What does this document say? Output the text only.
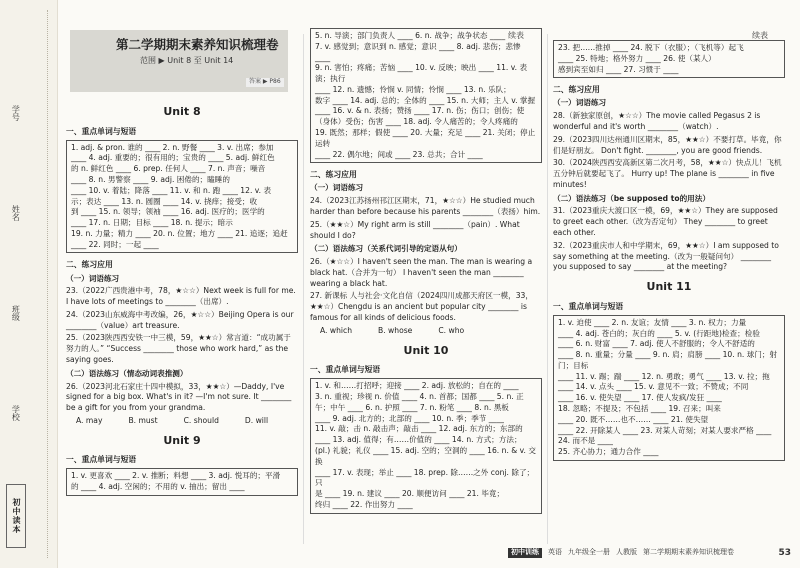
学号
姓名
班级
学校
初中读本
第二学期期末素养知识梳理卷
范围 ▶ Unit 8 至 Unit 14
答案 ▶ P86
续表	续表
Unit 8
一、重点单词与短语

1. adj. & pron. 谁的 ____ 2. n. 野餐 ____ 3. v. 出席；参加

____ 4. adj. 重要的；很有用的；宝贵的 ____ 5. adj. 鲜红色

的 n. 鲜红色 ____ 6. prep. 任何人 ____ 7. n. 声音；噪音

____ 8. n. 男警察 ____ 9. adj. 困倦的；瞌睡的

____ 10. v. 着陆；降落 ____ 11. v. 和 n. 跑 ____ 12. v. 表

示；表达 ____ 13. n. 圆圈 ____ 14. v. 挠痒；接受；收

到 ____ 15. n. 领导；领袖 ____ 16. adj. 医疗的；医学的

____ 17. n. 日期；目标 ____ 18. n. 提示；暗示

19. n. 力量；精力 ____ 20. n. 位置；地方 ____ 21. 追逐；追赶

____ 22. 同时；一起 ____

二、练习应用
（一）词语练习

23.（2022广西贵港中考，78，★☆☆）Next week is full for me. I have lots of meetings to ________（出席）.

24.（2023山东威海中考改编，26，★☆☆）Beijing Opera is our ________（value）art treasure.

25.（2023陕西西安铁一中三模，59，★★☆）常言道：“成功属于努力的人。” “Success ________ those who work hard,” as the saying goes.

（二）语法练习（情态动词表推测）

26.（2023河北石家庄十四中模拟，33，★★☆）—Daddy, I've signed for a big box. What's in it? —I'm not sure. It ________ be a gift for you from your grandma.

A. may	B. must	C. should	D. will
Unit 9
一、重点单词与短语

1. v. 更喜欢 ____ 2. v. 推断；料想 ____ 3. adj. 悦耳的；平滑

的 ____ 4. adj. 空闲的；不用的 v. 抽出；留出 ____

5. n. 导演；部门负责人 ____ 6. n. 战争；战争状态 ____

7. v. 感觉到；意识到 n. 感觉；意识 ____ 8. adj. 悲伤；悲惨 ____

9. n. 害怕；疼痛；苦恼 ____ 10. v. 反映；映出 ____ 11. v. 表演；执行

____ 12. n. 遗憾；怜悯 v. 同情；怜悯 ____ 13. n. 乐队；

数字 ____ 14. adj. 总的；全体的 ____ 15. n. 大师；主人 v. 掌握

____ 16. v. & n. 表扬；赞扬 ____ 17. n. 伤；伤口；创伤；使

（身体）受伤；伤害 ____ 18. adj. 令人痛苦的；令人疼痛的

19. 既然；那样；假使 ____ 20. 大量；充足 ____ 21. 关闭；停止运转

____ 22. 偶尔地；间或 ____ 23. 总共；合计 ____

二、练习应用
（一）词语练习

24.（2023江苏扬州邗江区期末，71，★☆☆）He studied much harder than before because his parents ________（表扬）him.

25.（★★☆）My right arm is still ________（pain）. What should I do?

（二）语法练习（关系代词引导的定语从句）

26.（★☆☆）I haven't seen the man. The man is wearing a black hat.（合并为一句） I haven't seen the man ________ wearing a black hat.

27. 新课标 人与社会·文化自信（2024四川成都天府区一模，33，★★☆）Chengdu is an ancient but popular city ________ is famous for all kinds of delicious foods.

A. which	B. whose	C. who
Unit 10
一、重点单词与短语

1. v. 和……打招呼；迎接 ____ 2. adj. 放松的；自在的 ____

3. n. 重视；珍视 n. 价值 ____ 4. n. 首都；国都 ____ 5. n. 正

午；中午 ____ 6. n. 护照 ____ 7. n. 粉笔 ____ 8. n. 黑板

____ 9. adj. 北方的；北部的 ____ 10. n. 季；季节 ____

11. v. 敲；击 n. 敲击声；敲击 ____ 12. adj. 东方的；东部的

____ 13. adj. 值得；有……价值的 ____ 14. n. 方式；方法；

(pl.) 礼貌；礼仪 ____ 15. adj. 空的；空洞的 ____ 16. n. & v. 交换

____ 17. v. 表现；举止 ____ 18. prep. 除……之外 conj. 除了；只

是 ____ 19. n. 建议 ____ 20. 顺便访问 ____ 21. 毕竟；

终归 ____ 22. 作出努力 ____

23. 把……推掉 ____ 24. 脱下（衣服）；（飞机等）起飞

____ 25. 特地；格外努力 ____ 26. 使（某人）

感到宾至如归 ____ 27. 习惯于 ____

二、练习应用
（一）词语练习

28.（新独家原创，★☆☆）The movie called Pegasus 2 is wonderful and it's worth ________（watch）.

29.（2023四川达州通川区期末，85，★★☆）不要打草。毕竟，你们是好朋友。 Don't fight. ________, you are good friends.

30.（2024陕西西安高新区第二次月考，58，★★☆）快点儿！飞机五分钟后就要起飞了。 Hurry up! The plane is ________ in five minutes!

（二）语法练习（be supposed to的用法）

31.（2023重庆大渡口区一模，69，★★☆）They are supposed to greet each other.（改为否定句） They ________ to greet each other.

32.（2023重庆市人和中学期末，69，★★☆）I am supposed to say something at the meeting.（改为一般疑问句） ________ you supposed to say ________ at the meeting?

Unit 11
一、重点单词与短语

1. v. 迫使 ____ 2. n. 友谊；友情 ____ 3. n. 权力；力量

____ 4. adj. 苍白的；灰白的 ____ 5. v. (行距地)检查；检验

____ 6. n. 财富 ____ 7. adj. 使人不舒服的；令人不舒适的

____ 8. n. 重量；分量 ____ 9. n. 肩；肩膀 ____ 10. n. 球门；射门；目标

____ 11. v. 踢；踹 ____ 12. n. 勇敢；勇气 ____ 13. v. 拉；拖

____ 14. v. 点头 ____ 15. v. 意见不一致；不赞成；不同

____ 16. v. 使失望 ____ 17. 使人发疯/发狂 ____

18. 忽略；不提及；不包括 ____ 19. 召来；叫来

____ 20. 既不……也不…… ____ 21. 使失望

____ 22. 开除某人 ____ 23. 对某人苛刻；对某人要求严格 ____ 24. 而不是 ____

25. 齐心协力；通力合作 ____

初中训练	英语 九年级全一册 人教版 第二学期期末素养知识梳理卷	53
